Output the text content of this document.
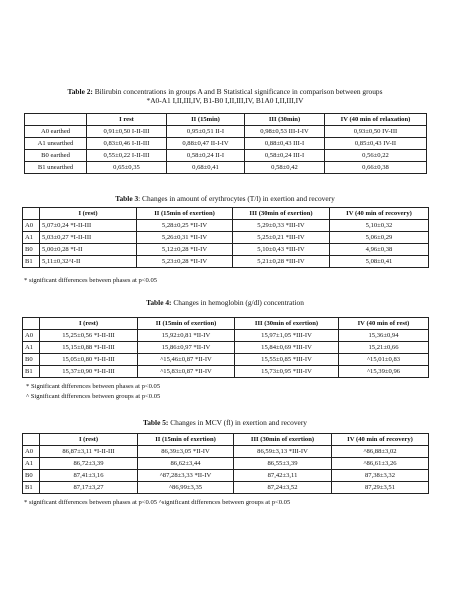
Table 2: Bilirubin concentrations in groups A and B Statistical significance in comparison between groups
*A0-A1 I,II,III,IV, B1-B0 I,II,III,IV, B1A0 I,II,III,IV
	I rest	II (15min)	III (30min)	IV (40 min of relaxation)
A0 earthed	0,91±0,50 I-II-III	0,95±0,51 II-I	0,98±0,53 III-I-IV	0,93±0,50 IV-III
A1 unearthed	0,83±0,46 I-II-III	0,88±0,47 II-I-IV	0,88±0,43 III-I	0,85±0,43 IV-II
B0 earthed	0,55±0,22 I-II-III	0,58±0,24 II-I	0,58±0,24 III-I	0,56±0,22
B1 unearthed	0,65±0,35	0,68±0,41	0,58±0,42	0,66±0,38
Table 3: Changes in amount of erythrocytes (T/l) in exertion and recovery
	I (rest)	II (15min of exertion)	III (30min of exertion)	IV (40 min of recovery)
A0	5,07±0,24 *I-II-III	5,28±0,25 *II-IV	5,29±0,33 *III-IV	5,10±0,32
A1	5,03±0,27 *I-II-III	5,26±0,31 *II-IV	5,25±0,21 *III-IV	5,06±0,29
B0	5,00±0,28 *I-II	5,12±0,28 *II-IV	5,10±0,43 *III-IV	4,96±0,38
B1	5,11±0,32^I-II	5,23±0,28 *II-IV	5,21±0,28 *III-IV	5,08±0,41
* significant differences between phases at p<0.05
Table 4: Changes in hemoglobin (g/dl) concentration
	I (rest)	II (15min of exertion)	III (30min of exertion)	IV (40 min of rest)
A0	15,25±0,56 *I-II-III	15,92±0,81 *II-IV	15,97±1,05 *III-IV	15,36±0,94
A1	15,15±0,88 *I-II-III	15,86±0,97 *II-IV	15,84±0,69 *III-IV	15,21±0,66
B0	15,05±0,80 *I-II-III	^15,46±0,87 *II-IV	15,55±0,85 *III-IV	^15,01±0,83
B1	15,37±0,90 *I-II-III	^15,83±0,87 *II-IV	15,73±0,95 *III-IV	^15,39±0,96
* Significant differences between phases at p<0.05
^ Significant differences between groups at p<0.05
Table 5: Changes in MCV (fl) in exertion and recovery
	I (rest)	II (15min of exertion)	III (30min of exertion)	IV (40 min of recovery)
A0	86,87±3,11 *I-II-III	86,39±3,05 *II-IV	86,59±3,13 *III-IV	^86,88±3,02
A1	86,72±3,39	86,62±3,44	86,55±3,39	^86,61±3,26
B0	87,41±3,16	^87,28±3,33 *II-IV	87,42±3,11	87,38±3,32
B1	87,17±3,27	^86,99±3,35	87,24±3,52	87,29±3,51
* significant differences between phases at p<0.05 ^significant differences between groups at p<0.05
